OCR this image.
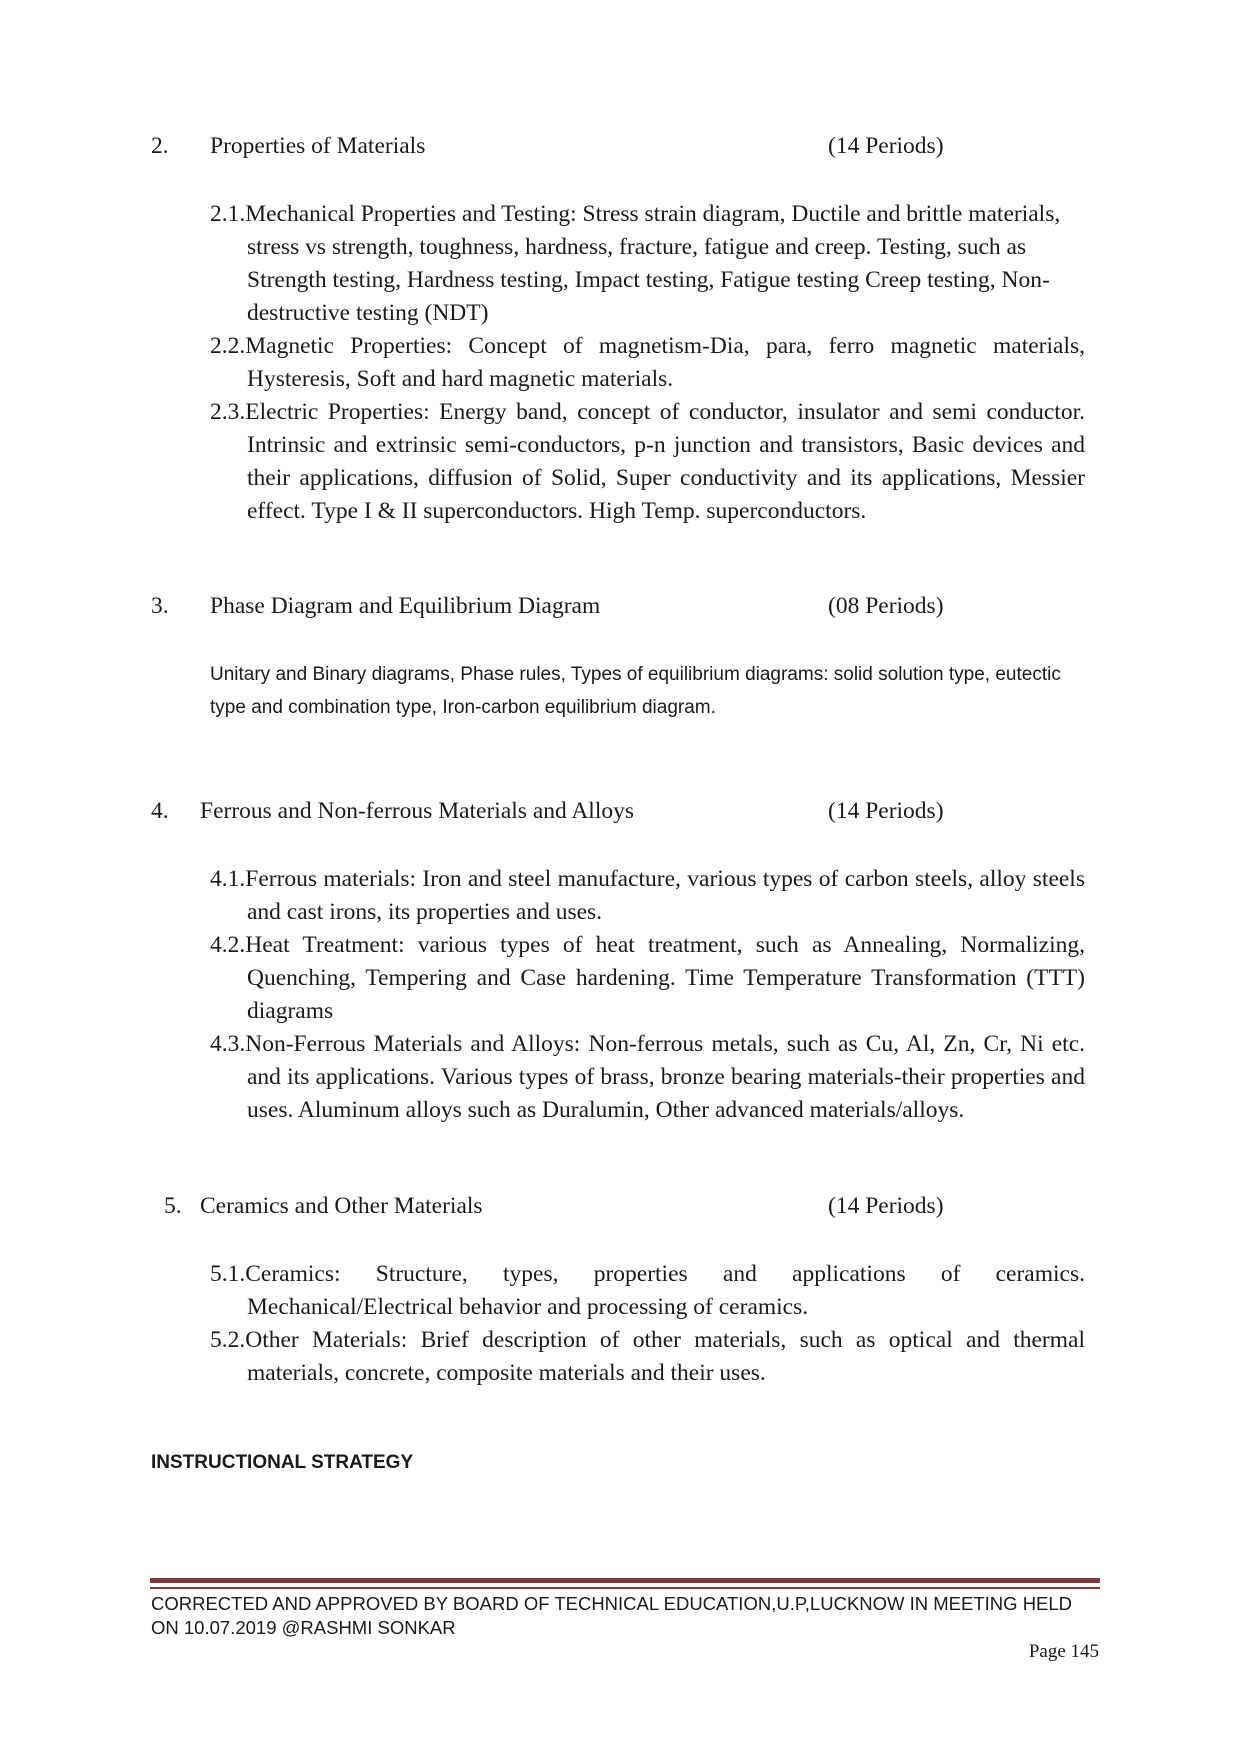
2. Properties of Materials	(14 Periods)
2.1.Mechanical Properties and Testing: Stress strain diagram, Ductile and brittle materials, stress vs strength, toughness, hardness, fracture, fatigue and creep. Testing, such as Strength testing, Hardness testing, Impact testing, Fatigue testing Creep testing, Non-destructive testing (NDT)
2.2.Magnetic Properties: Concept of magnetism-Dia, para, ferro magnetic materials, Hysteresis, Soft and hard magnetic materials.
2.3.Electric Properties: Energy band, concept of conductor, insulator and semi conductor. Intrinsic and extrinsic semi-conductors, p-n junction and transistors, Basic devices and their applications, diffusion of Solid, Super conductivity and its applications, Messier effect. Type I & II superconductors. High Temp. superconductors.
3. Phase Diagram and Equilibrium Diagram	(08 Periods)
Unitary and Binary diagrams, Phase rules, Types of equilibrium diagrams: solid solution type, eutectic type and combination type, Iron-carbon equilibrium diagram.
4. Ferrous and Non-ferrous Materials and Alloys	(14 Periods)
4.1.Ferrous materials: Iron and steel manufacture, various types of carbon steels, alloy steels and cast irons, its properties and uses.
4.2.Heat Treatment: various types of heat treatment, such as Annealing, Normalizing, Quenching, Tempering and Case hardening. Time Temperature Transformation (TTT) diagrams
4.3.Non-Ferrous Materials and Alloys: Non-ferrous metals, such as Cu, Al, Zn, Cr, Ni etc. and its applications. Various types of brass, bronze bearing materials-their properties and uses. Aluminum alloys such as Duralumin, Other advanced materials/alloys.
5. Ceramics and Other Materials	(14 Periods)
5.1.Ceramics: Structure, types, properties and applications of ceramics. Mechanical/Electrical behavior and processing of ceramics.
5.2.Other Materials: Brief description of other materials, such as optical and thermal materials, concrete, composite materials and their uses.
INSTRUCTIONAL STRATEGY
CORRECTED AND APPROVED BY BOARD OF TECHNICAL EDUCATION,U.P,LUCKNOW IN MEETING HELD
ON 10.07.2019 @RASHMI SONKAR
Page 145
